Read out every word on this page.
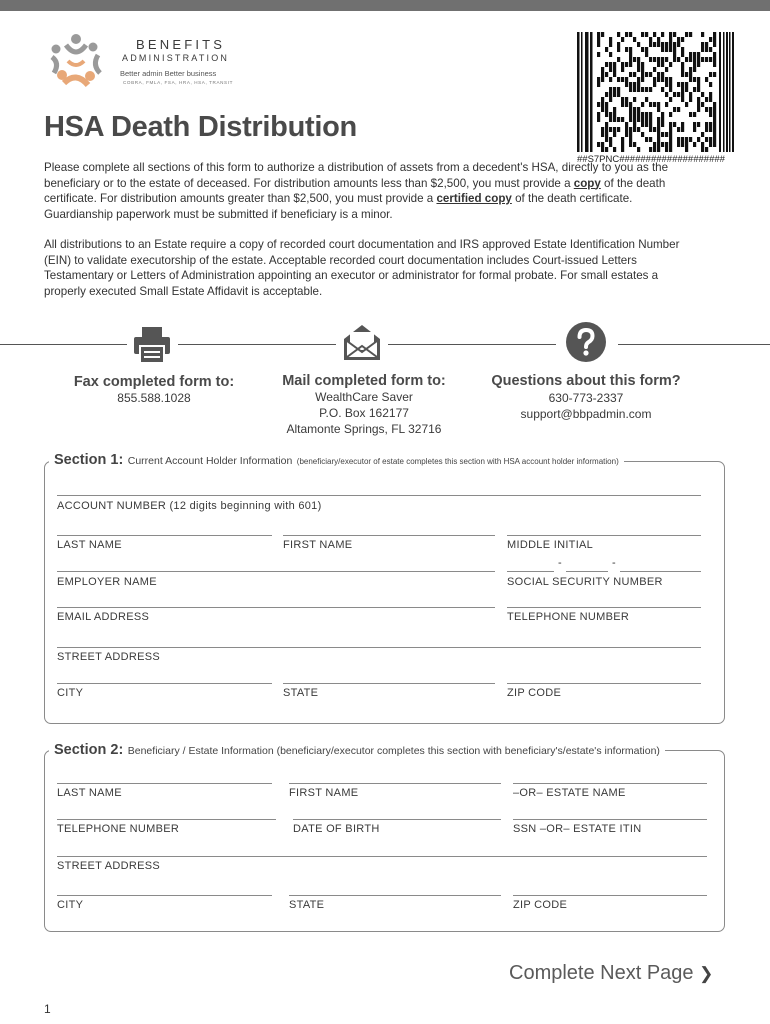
BENEFITS
ADMINISTRATION
Better admin Better business
COBRA, FMLA, FSA, HRA, HSA, TRANSIT
##S7PNC####################
HSA Death Distribution

Please complete all sections of this form to authorize a distribution of assets from a decedent's HSA, directly to you as the beneficiary or to the estate of deceased. For distribution amounts less than $2,500, you must provide a copy of the death certificate. For distribution amounts greater than $2,500, you must provide a certified copy of the death certificate. Guardianship paperwork must be submitted if beneficiary is a minor.

All distributions to an Estate require a copy of recorded court documentation and IRS approved Estate Identification Number (EIN) to validate executorship of the estate. Acceptable recorded court documentation includes Court-issued Letters Testamentary or Letters of Administration appointing an executor or administrator for formal probate. For small estates a properly executed Small Estate Affidavit is acceptable.

Fax completed form to:
855.588.1028
Mail completed form to:
WealthCare Saver
P.O. Box 162177
Altamonte Springs, FL 32716
Questions about this form?
630-773-2337
support@bbpadmin.com
Section 1: Current Account Holder Information (beneficiary/executor of estate completes this section with HSA account holder information)
ACCOUNT NUMBER (12 digits beginning with 601)
LAST NAME	FIRST NAME	MIDDLE INITIAL
-	-
EMPLOYER NAME	SOCIAL SECURITY NUMBER
EMAIL ADDRESS	TELEPHONE NUMBER
STREET ADDRESS
CITY	STATE	ZIP CODE
Section 2: Beneficiary / Estate Information (beneficiary/executor completes this section with beneficiary's/estate's information)
LAST NAME	FIRST NAME	–OR– ESTATE NAME
TELEPHONE NUMBER	DATE OF BIRTH	SSN –OR– ESTATE ITIN
STREET ADDRESS
CITY	STATE	ZIP CODE
Complete Next Page ❯
1
